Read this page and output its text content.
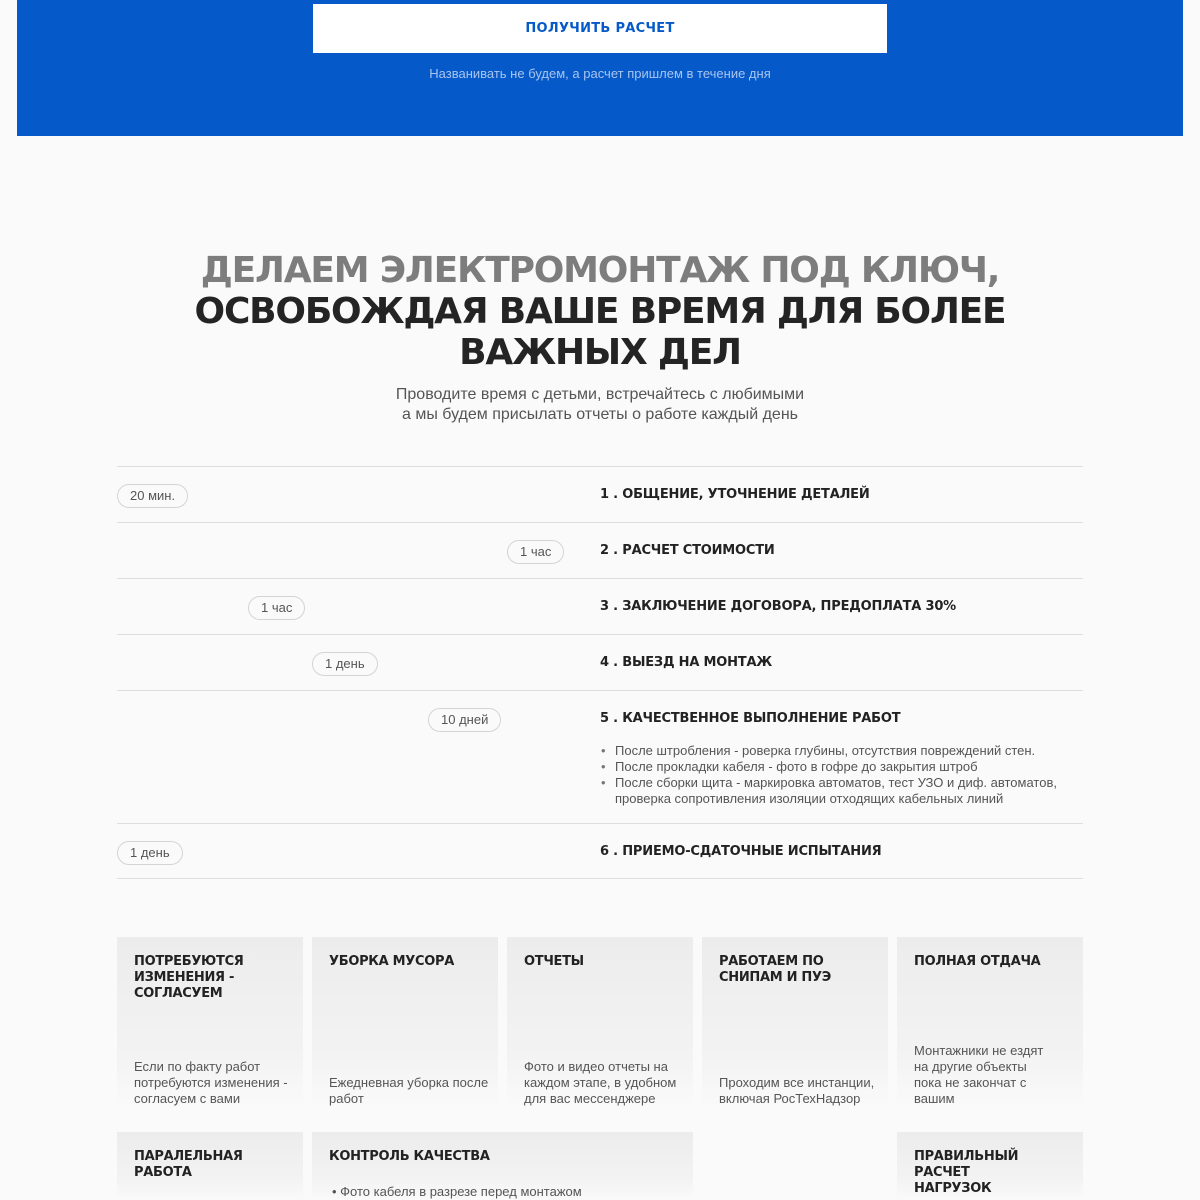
ПОЛУЧИТЬ РАСЧЕТ
Названивать не будем, а расчет пришлем в течение дня
ДЕЛАЕМ ЭЛЕКТРОМОНТАЖ ПОД КЛЮЧ,
ОСВОБОЖДАЯ ВАШЕ ВРЕМЯ ДЛЯ БОЛЕЕ ВАЖНЫХ ДЕЛ
Проводите время с детьми, встречайтесь с любимыми
а мы будем присылать отчеты о работе каждый день
20 мин.	1 . ОБЩЕНИЕ, УТОЧНЕНИЕ ДЕТАЛЕЙ
1 час	2 . РАСЧЕТ СТОИМОСТИ
1 час	3 . ЗАКЛЮЧЕНИЕ ДОГОВОРА, ПРЕДОПЛАТА 30%
1 день	4 . ВЫЕЗД НА МОНТАЖ
10 дней	5 . КАЧЕСТВЕННОЕ ВЫПОЛНЕНИЕ РАБОТ
• После штробления - роверка глубины, отсутствия повреждений стен.
• После прокладки кабеля - фото в гофре до закрытия штроб
• После сборки щита - маркировка автоматов, тест УЗО и диф. автоматов, проверка сопротивления изоляции отходящих кабельных линий
1 день	6 . ПРИЕМО-СДАТОЧНЫЕ ИСПЫТАНИЯ
ПОТРЕБУЮТСЯ ИЗМЕНЕНИЯ - СОГЛАСУЕМ
Если по факту работ потребуются изменения - согласуем с вами
УБОРКА МУСОРА
Ежедневная уборка после работ
ОТЧЕТЫ
Фото и видео отчеты на каждом этапе, в удобном для вас мессенджере
РАБОТАЕМ ПО СНИПАМ И ПУЭ
Проходим все инстанции, включая РосТехНадзор
ПОЛНАЯ ОТДАЧА
Монтажники не ездят на другие объекты пока не закончат с вашим
ПАРАЛЕЛЬНАЯ РАБОТА
КОНТРОЛЬ КАЧЕСТВА
• Фото кабеля в разрезе перед монтажом
ПРАВИЛЬНЫЙ РАСЧЕТ НАГРУЗОК
